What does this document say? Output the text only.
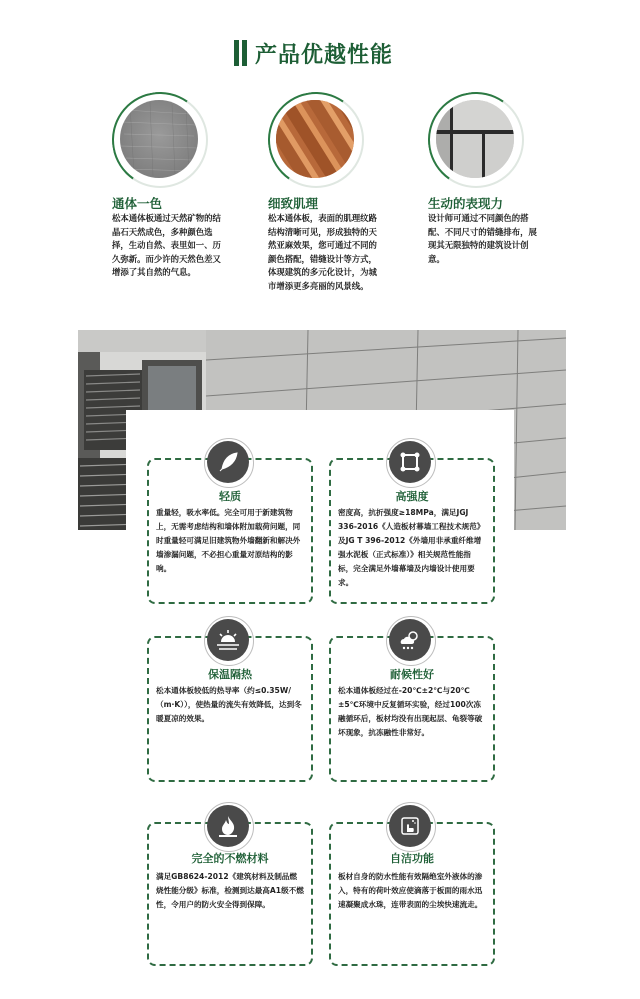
产品优越性能
通体一色
松本通体板通过天然矿物的结晶石天然成色，多种颜色选择，生动自然、表里如一、历久弥新。而少许的天然色差又增添了其自然的气息。
细致肌理
松本通体板，表面的肌理纹路结构清晰可见，形成独特的天然亚麻效果，您可通过不同的颜色搭配，错缝设计等方式，体现建筑的多元化设计，为城市增添更多亮丽的风景线。
生动的表现力
设计师可通过不同颜色的搭配、不同尺寸的错缝排布，展现其无限独特的建筑设计创意。
轻质
重量轻，吸水率低。完全可用于新建筑物上，无需考虑结构和墙体附加载荷问题，同时重量轻可满足旧建筑物外墙翻新和解决外墙渗漏问题，不必担心重量对原结构的影响。
高强度
密度高，抗折强度≥18MPa，满足JGJ 336-2016《人造板材幕墙工程技术规范》及JG T 396-2012《外墙用非承重纤维增强水泥板（正式标准）》相关规范性能指标，完全满足外墙幕墙及内墙设计使用要求。
保温隔热
松本通体板较低的热导率（约≤0.35W/（m·K）），使热量的流失有效降低，达到冬暖夏凉的效果。
耐候性好
松本通体板经过在-20℃±2℃与20℃±5℃环境中反复循环实验，经过100次冻融循环后，板材均没有出现起层、龟裂等破坏现象，抗冻融性非常好。
完全的不燃材料
满足GB8624-2012《建筑材料及制品燃烧性能分级》标准，检测到达最高A1级不燃性，令用户的防火安全得到保障。
自洁功能
板材自身的防水性能有效隔绝室外液体的渗入，特有的荷叶效应使滴落于板面的雨水迅速凝聚成水珠，连带表面的尘埃快速流走。
